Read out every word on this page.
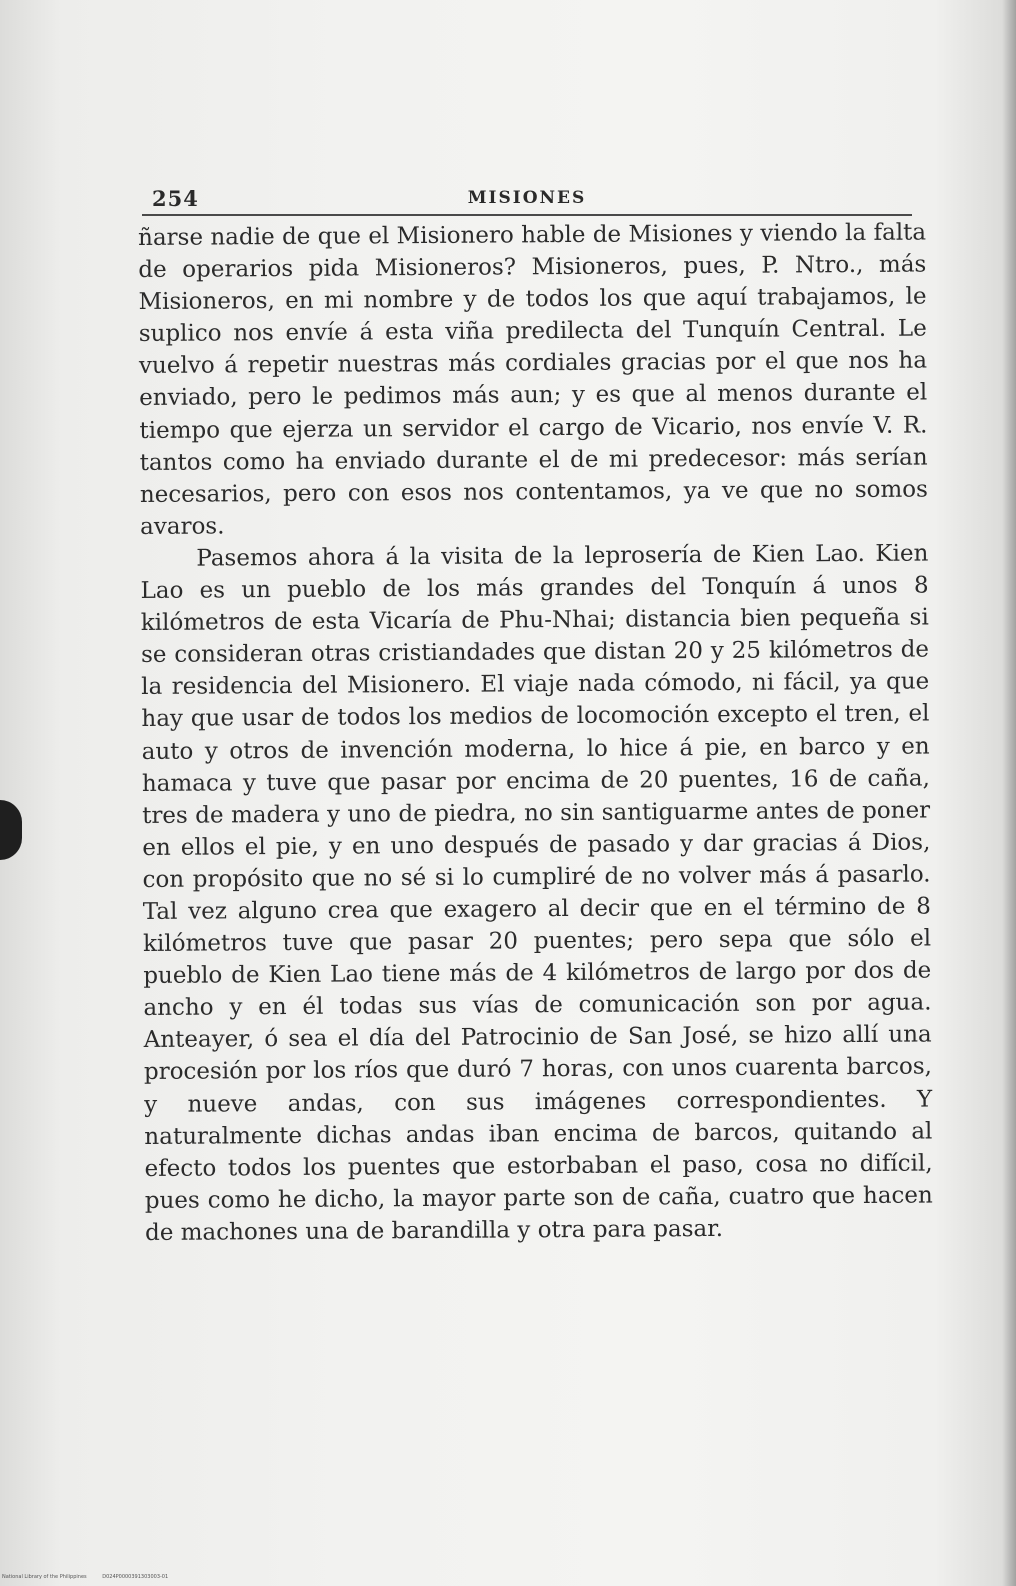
254	MISIONES

ñarse nadie de que el Misionero hable de Misiones y viendo la falta de operarios pida Misioneros? Misioneros, pues, P. Ntro., más Misioneros, en mi nombre y de todos los que aquí trabajamos, le suplico nos envíe á esta viña predilecta del Tunquín Central. Le vuelvo á repetir nuestras más cordiales gracias por el que nos ha enviado, pero le pedimos más aun; y es que al menos durante el tiempo que ejerza un servidor el cargo de Vicario, nos envíe V. R. tantos como ha enviado durante el de mi predecesor: más serían necesarios, pero con esos nos contentamos, ya ve que no somos avaros.

Pasemos ahora á la visita de la leprosería de Kien Lao. Kien Lao es un pueblo de los más grandes del Tonquín á unos 8 kilómetros de esta Vicaría de Phu-Nhai; distancia bien pequeña si se consideran otras cristiandades que distan 20 y 25 kilómetros de la residencia del Misionero. El viaje nada cómodo, ni fácil, ya que hay que usar de todos los medios de locomoción excepto el tren, el auto y otros de invención moderna, lo hice á pie, en barco y en hamaca y tuve que pasar por encima de 20 puentes, 16 de caña, tres de madera y uno de piedra, no sin santiguarme antes de poner en ellos el pie, y en uno después de pasado y dar gracias á Dios, con propósito que no sé si lo cumpliré de no volver más á pasarlo. Tal vez alguno crea que exagero al decir que en el término de 8 kilómetros tuve que pasar 20 puentes; pero sepa que sólo el pueblo de Kien Lao tiene más de 4 kilómetros de largo por dos de ancho y en él todas sus vías de comunicación son por agua. Anteayer, ó sea el día del Patrocinio de San José, se hizo allí una procesión por los ríos que duró 7 horas, con unos cuarenta barcos, y nueve andas, con sus imágenes correspondientes. Y naturalmente dichas andas iban encima de barcos, quitando al efecto todos los puentes que estorbaban el paso, cosa no difícil, pues como he dicho, la mayor parte son de caña, cuatro que hacen de machones una de barandilla y otra para pasar.

National Library of the Philippines	D024P0000391303003-01
